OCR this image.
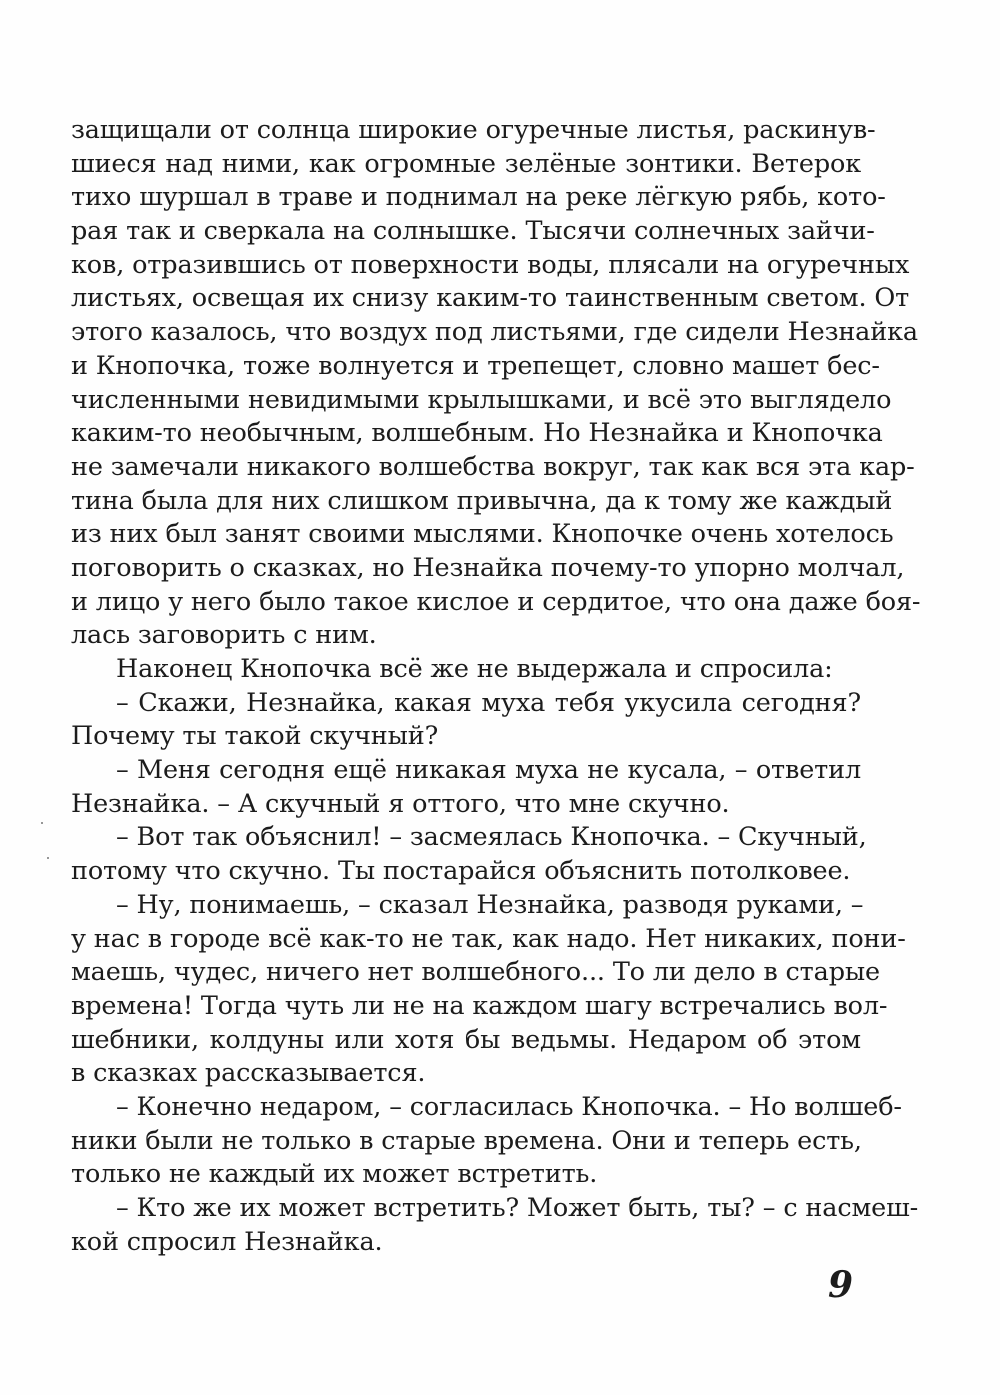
защищали от солнца широкие огуречные листья, раскинув-
шиеся над ними, как огромные зелёные зонтики. Ветерок
тихо шуршал в траве и поднимал на реке лёгкую рябь, кото-
рая так и сверкала на солнышке. Тысячи солнечных зайчи-
ков, отразившись от поверхности воды, плясали на огуречных
листьях, освещая их снизу каким-то таинственным светом. От
этого казалось, что воздух под листьями, где сидели Незнайка
и Кнопочка, тоже волнуется и трепещет, словно машет бес-
численными невидимыми крылышками, и всё это выглядело
каким-то необычным, волшебным. Но Незнайка и Кнопочка
не замечали никакого волшебства вокруг, так как вся эта кар-
тина была для них слишком привычна, да к тому же каждый
из них был занят своими мыслями. Кнопочке очень хотелось
поговорить о сказках, но Незнайка почему-то упорно молчал,
и лицо у него было такое кислое и сердитое, что она даже боя-
лась заговорить с ним.
Наконец Кнопочка всё же не выдержала и спросила:
– Скажи, Незнайка, какая муха тебя укусила сегодня?
Почему ты такой скучный?
– Меня сегодня ещё никакая муха не кусала, – ответил
Незнайка. – А скучный я оттого, что мне скучно.
– Вот так объяснил! – засмеялась Кнопочка. – Скучный,
потому что скучно. Ты постарайся объяснить потолковее.
– Ну, понимаешь, – сказал Незнайка, разводя руками, –
у нас в городе всё как-то не так, как надо. Нет никаких, пони-
маешь, чудес, ничего нет волшебного... То ли дело в старые
времена! Тогда чуть ли не на каждом шагу встречались вол-
шебники, колдуны или хотя бы ведьмы. Недаром об этом
в сказках рассказывается.
– Конечно недаром, – согласилась Кнопочка. – Но волшеб-
ники были не только в старые времена. Они и теперь есть,
только не каждый их может встретить.
– Кто же их может встретить? Может быть, ты? – с насмеш-
кой спросил Незнайка.
9
